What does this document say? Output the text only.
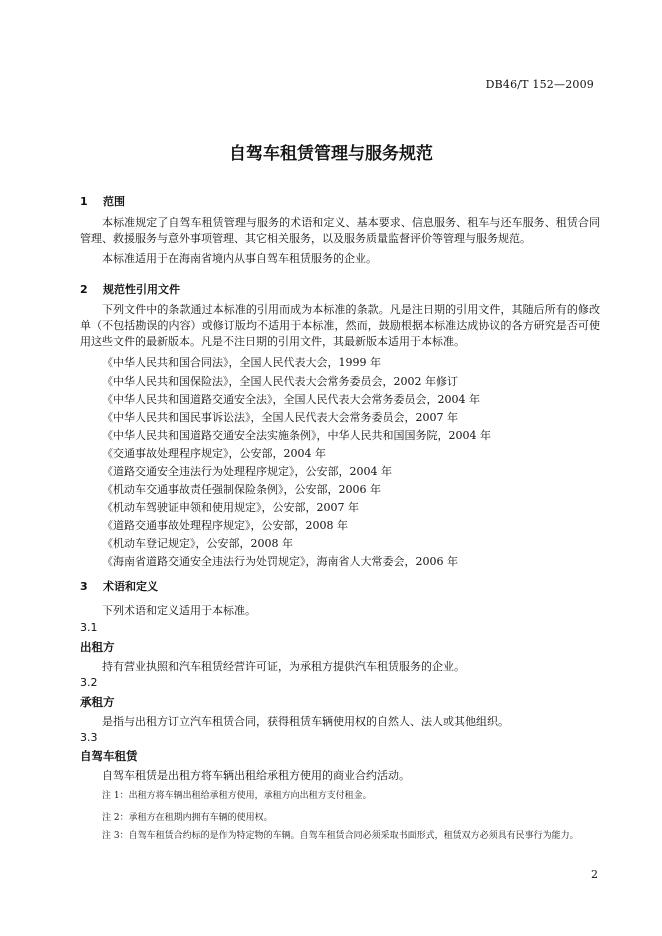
DB46/T 152—2009
自驾车租赁管理与服务规范
1 范围
本标准规定了自驾车租赁管理与服务的术语和定义、基本要求、信息服务、租车与还车服务、租赁合同管理、救援服务与意外事项管理、其它相关服务，以及服务质量监督评价等管理与服务规范。
本标准适用于在海南省境内从事自驾车租赁服务的企业。
2 规范性引用文件
下列文件中的条款通过本标准的引用而成为本标准的条款。凡是注日期的引用文件，其随后所有的修改单（不包括勘误的内容）或修订版均不适用于本标准，然而，鼓励根据本标准达成协议的各方研究是否可使用这些文件的最新版本。凡是不注日期的引用文件，其最新版本适用于本标准。
《中华人民共和国合同法》，全国人民代表大会，1999 年
《中华人民共和国保险法》，全国人民代表大会常务委员会，2002 年修订
《中华人民共和国道路交通安全法》，全国人民代表大会常务委员会，2004 年
《中华人民共和国民事诉讼法》，全国人民代表大会常务委员会，2007 年
《中华人民共和国道路交通安全法实施条例》，中华人民共和国国务院，2004 年
《交通事故处理程序规定》，公安部，2004 年
《道路交通安全违法行为处理程序规定》，公安部，2004 年
《机动车交通事故责任强制保险条例》，公安部，2006 年
《机动车驾驶证申领和使用规定》，公安部，2007 年
《道路交通事故处理程序规定》，公安部，2008 年
《机动车登记规定》，公安部，2008 年
《海南省道路交通安全违法行为处罚规定》，海南省人大常委会，2006 年
3 术语和定义
下列术语和定义适用于本标准。
3.1
出租方
持有营业执照和汽车租赁经营许可证，为承租方提供汽车租赁服务的企业。
3.2
承租方
是指与出租方订立汽车租赁合同，获得租赁车辆使用权的自然人、法人或其他组织。
3.3
自驾车租赁
自驾车租赁是出租方将车辆出租给承租方使用的商业合约活动。
注 1：出租方将车辆出租给承租方使用，承租方向出租方支付租金。
注 2：承租方在租期内拥有车辆的使用权。
注 3：自驾车租赁合约标的是作为特定物的车辆。自驾车租赁合同必须采取书面形式，租赁双方必须具有民事行为能力。
2
